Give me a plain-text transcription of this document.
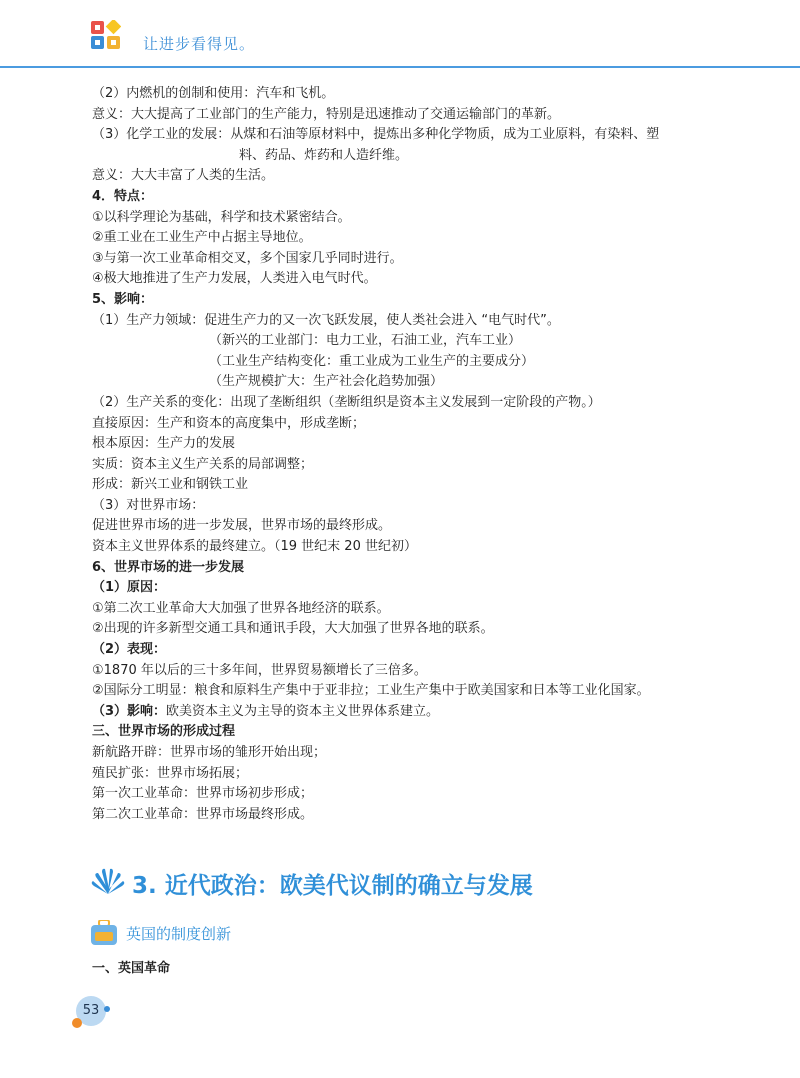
让进步看得见。
（2）内燃机的创制和使用：汽车和飞机。
意义：大大提高了工业部门的生产能力，特别是迅速推动了交通运输部门的革新。
（3）化学工业的发展：从煤和石油等原材料中，提炼出多种化学物质，成为工业原料，有染料、塑
料、药品、炸药和人造纤维。
意义：大大丰富了人类的生活。
4．特点：
①以科学理论为基础，科学和技术紧密结合。
②重工业在工业生产中占据主导地位。
③与第一次工业革命相交叉，多个国家几乎同时进行。
④极大地推进了生产力发展，人类进入电气时代。
5、影响：
（1）生产力领域：促进生产力的又一次飞跃发展，使人类社会进入 “电气时代”。
（新兴的工业部门：电力工业，石油工业，汽车工业）
（工业生产结构变化：重工业成为工业生产的主要成分）
（生产规模扩大：生产社会化趋势加强）
（2）生产关系的变化：出现了垄断组织（垄断组织是资本主义发展到一定阶段的产物。）
直接原因：生产和资本的高度集中，形成垄断；
根本原因：生产力的发展
实质：资本主义生产关系的局部调整；
形成：新兴工业和钢铁工业
（3）对世界市场：
促进世界市场的进一步发展，世界市场的最终形成。
资本主义世界体系的最终建立。（19 世纪末 20 世纪初）
6、世界市场的进一步发展
（1）原因：
①第二次工业革命大大加强了世界各地经济的联系。
②出现的许多新型交通工具和通讯手段，大大加强了世界各地的联系。
（2）表现：
①1870 年以后的三十多年间，世界贸易额增长了三倍多。
②国际分工明显：粮食和原料生产集中于亚非拉；工业生产集中于欧美国家和日本等工业化国家。
（3）影响：欧美资本主义为主导的资本主义世界体系建立。
三、世界市场的形成过程
新航路开辟：世界市场的雏形开始出现；
殖民扩张：世界市场拓展；
第一次工业革命：世界市场初步形成；
第二次工业革命：世界市场最终形成。
3. 近代政治：欧美代议制的确立与发展
英国的制度创新
一、英国革命
53
